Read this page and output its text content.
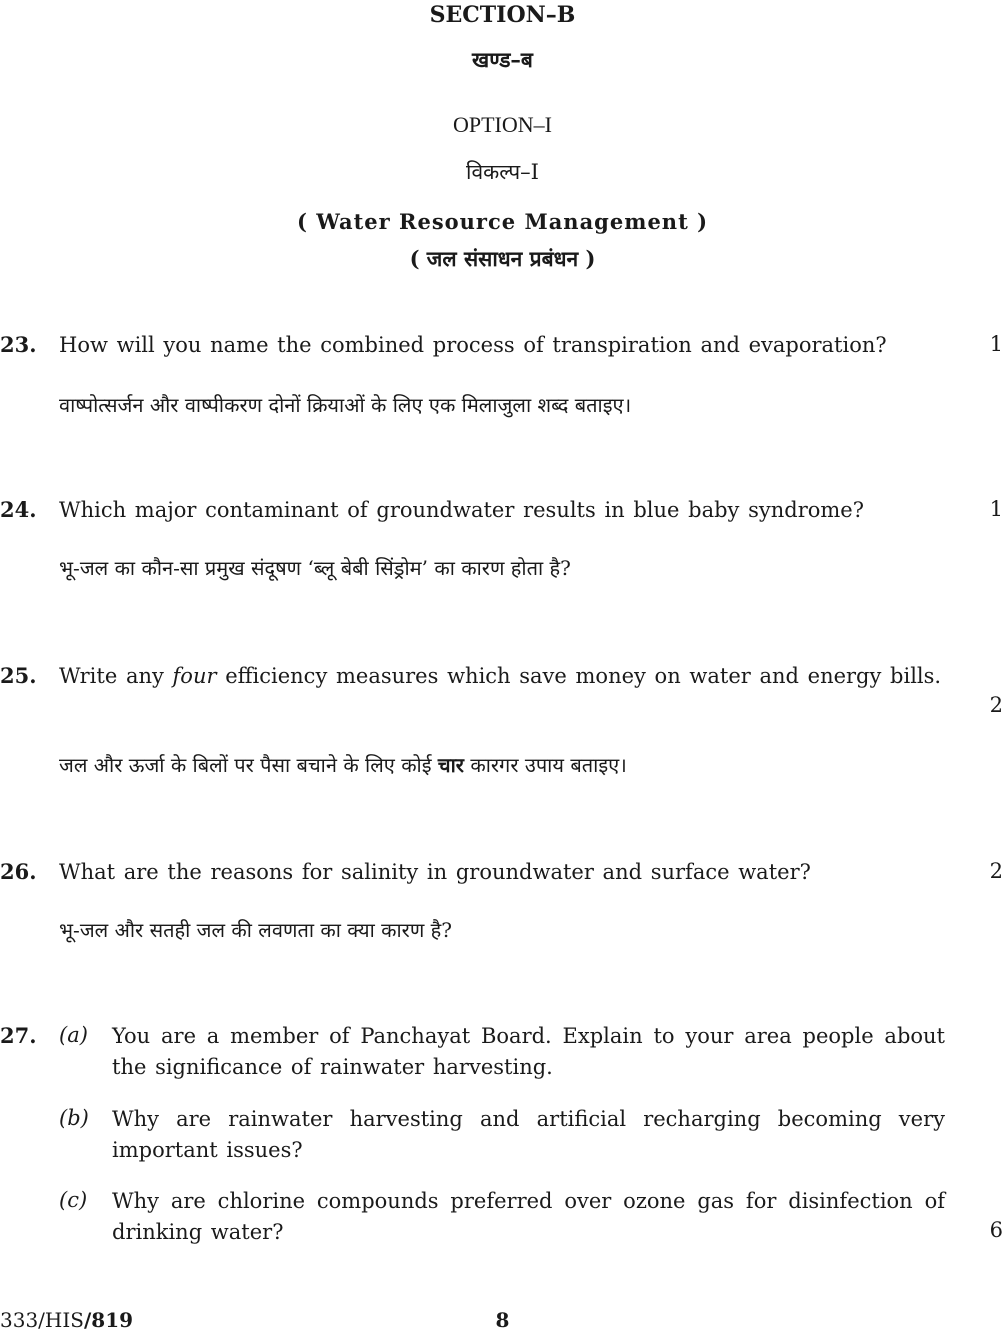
SECTION–B
खण्ड–ब
OPTION–I
विकल्प–I
( Water Resource Management )
( जल संसाधन प्रबंधन )
23. How will you name the combined process of transpiration and evaporation?	1
वाष्पोत्सर्जन और वाष्पीकरण दोनों क्रियाओं के लिए एक मिलाजुला शब्द बताइए।
24. Which major contaminant of groundwater results in blue baby syndrome?	1
भू-जल का कौन-सा प्रमुख संदूषण ‘ब्लू बेबी सिंड्रोम’ का कारण होता है?
25. Write any four efficiency measures which save money on water and energy bills.
2
जल और ऊर्जा के बिलों पर पैसा बचाने के लिए कोई चार कारगर उपाय बताइए।
26. What are the reasons for salinity in groundwater and surface water?	2
भू-जल और सतही जल की लवणता का क्या कारण है?
27. (a) You are a member of Panchayat Board. Explain to your area people about the significance of rainwater harvesting.
(b) Why are rainwater harvesting and artificial recharging becoming very important issues?
(c) Why are chlorine compounds preferred over ozone gas for disinfection of drinking water?	6
333/HIS/819	8
